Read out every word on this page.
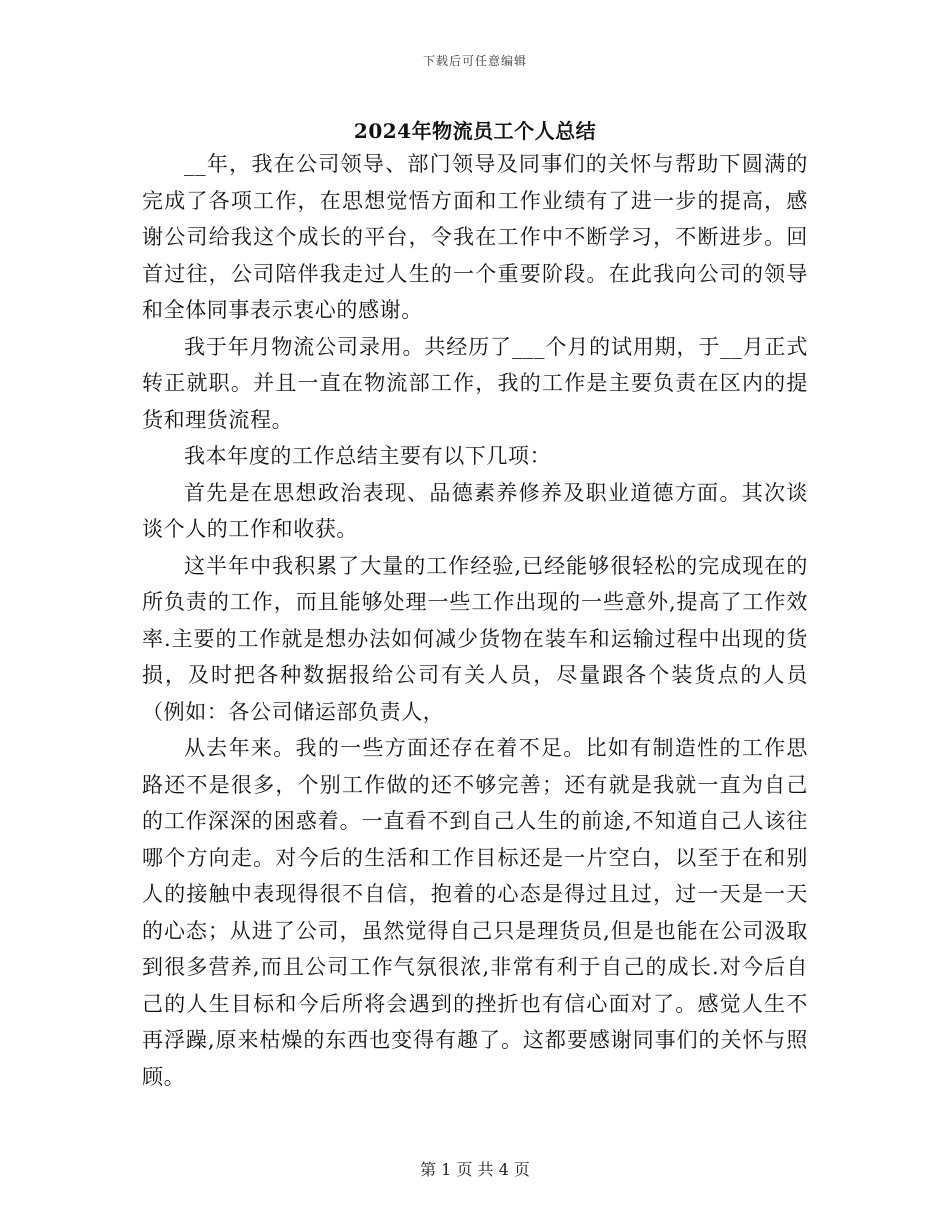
下载后可任意编辑
2024年物流员工个人总结

__年，我在公司领导、部门领导及同事们的关怀与帮助下圆满的完成了各项工作，在思想觉悟方面和工作业绩有了进一步的提高，感谢公司给我这个成长的平台，令我在工作中不断学习，不断进步。回首过往，公司陪伴我走过人生的一个重要阶段。在此我向公司的领导和全体同事表示衷心的感谢。

我于年月物流公司录用。共经历了___个月的试用期，于__月正式转正就职。并且一直在物流部工作，我的工作是主要负责在区内的提货和理货流程。

我本年度的工作总结主要有以下几项：

首先是在思想政治表现、品德素养修养及职业道德方面。其次谈谈个人的工作和收获。

这半年中我积累了大量的工作经验,已经能够很轻松的完成现在的所负责的工作，而且能够处理一些工作出现的一些意外,提高了工作效率.主要的工作就是想办法如何减少货物在装车和运输过程中出现的货损，及时把各种数据报给公司有关人员，尽量跟各个装货点的人员（例如：各公司储运部负责人，

从去年来。我的一些方面还存在着不足。比如有制造性的工作思路还不是很多，个别工作做的还不够完善；还有就是我就一直为自己的工作深深的困惑着。一直看不到自己人生的前途,不知道自己人该往哪个方向走。对今后的生活和工作目标还是一片空白，以至于在和别人的接触中表现得很不自信，抱着的心态是得过且过，过一天是一天的心态；从进了公司，虽然觉得自己只是理货员,但是也能在公司汲取到很多营养,而且公司工作气氛很浓,非常有利于自己的成长.对今后自己的人生目标和今后所将会遇到的挫折也有信心面对了。感觉人生不再浮躁,原来枯燥的东西也变得有趣了。这都要感谢同事们的关怀与照顾。

第 1 页 共 4 页
